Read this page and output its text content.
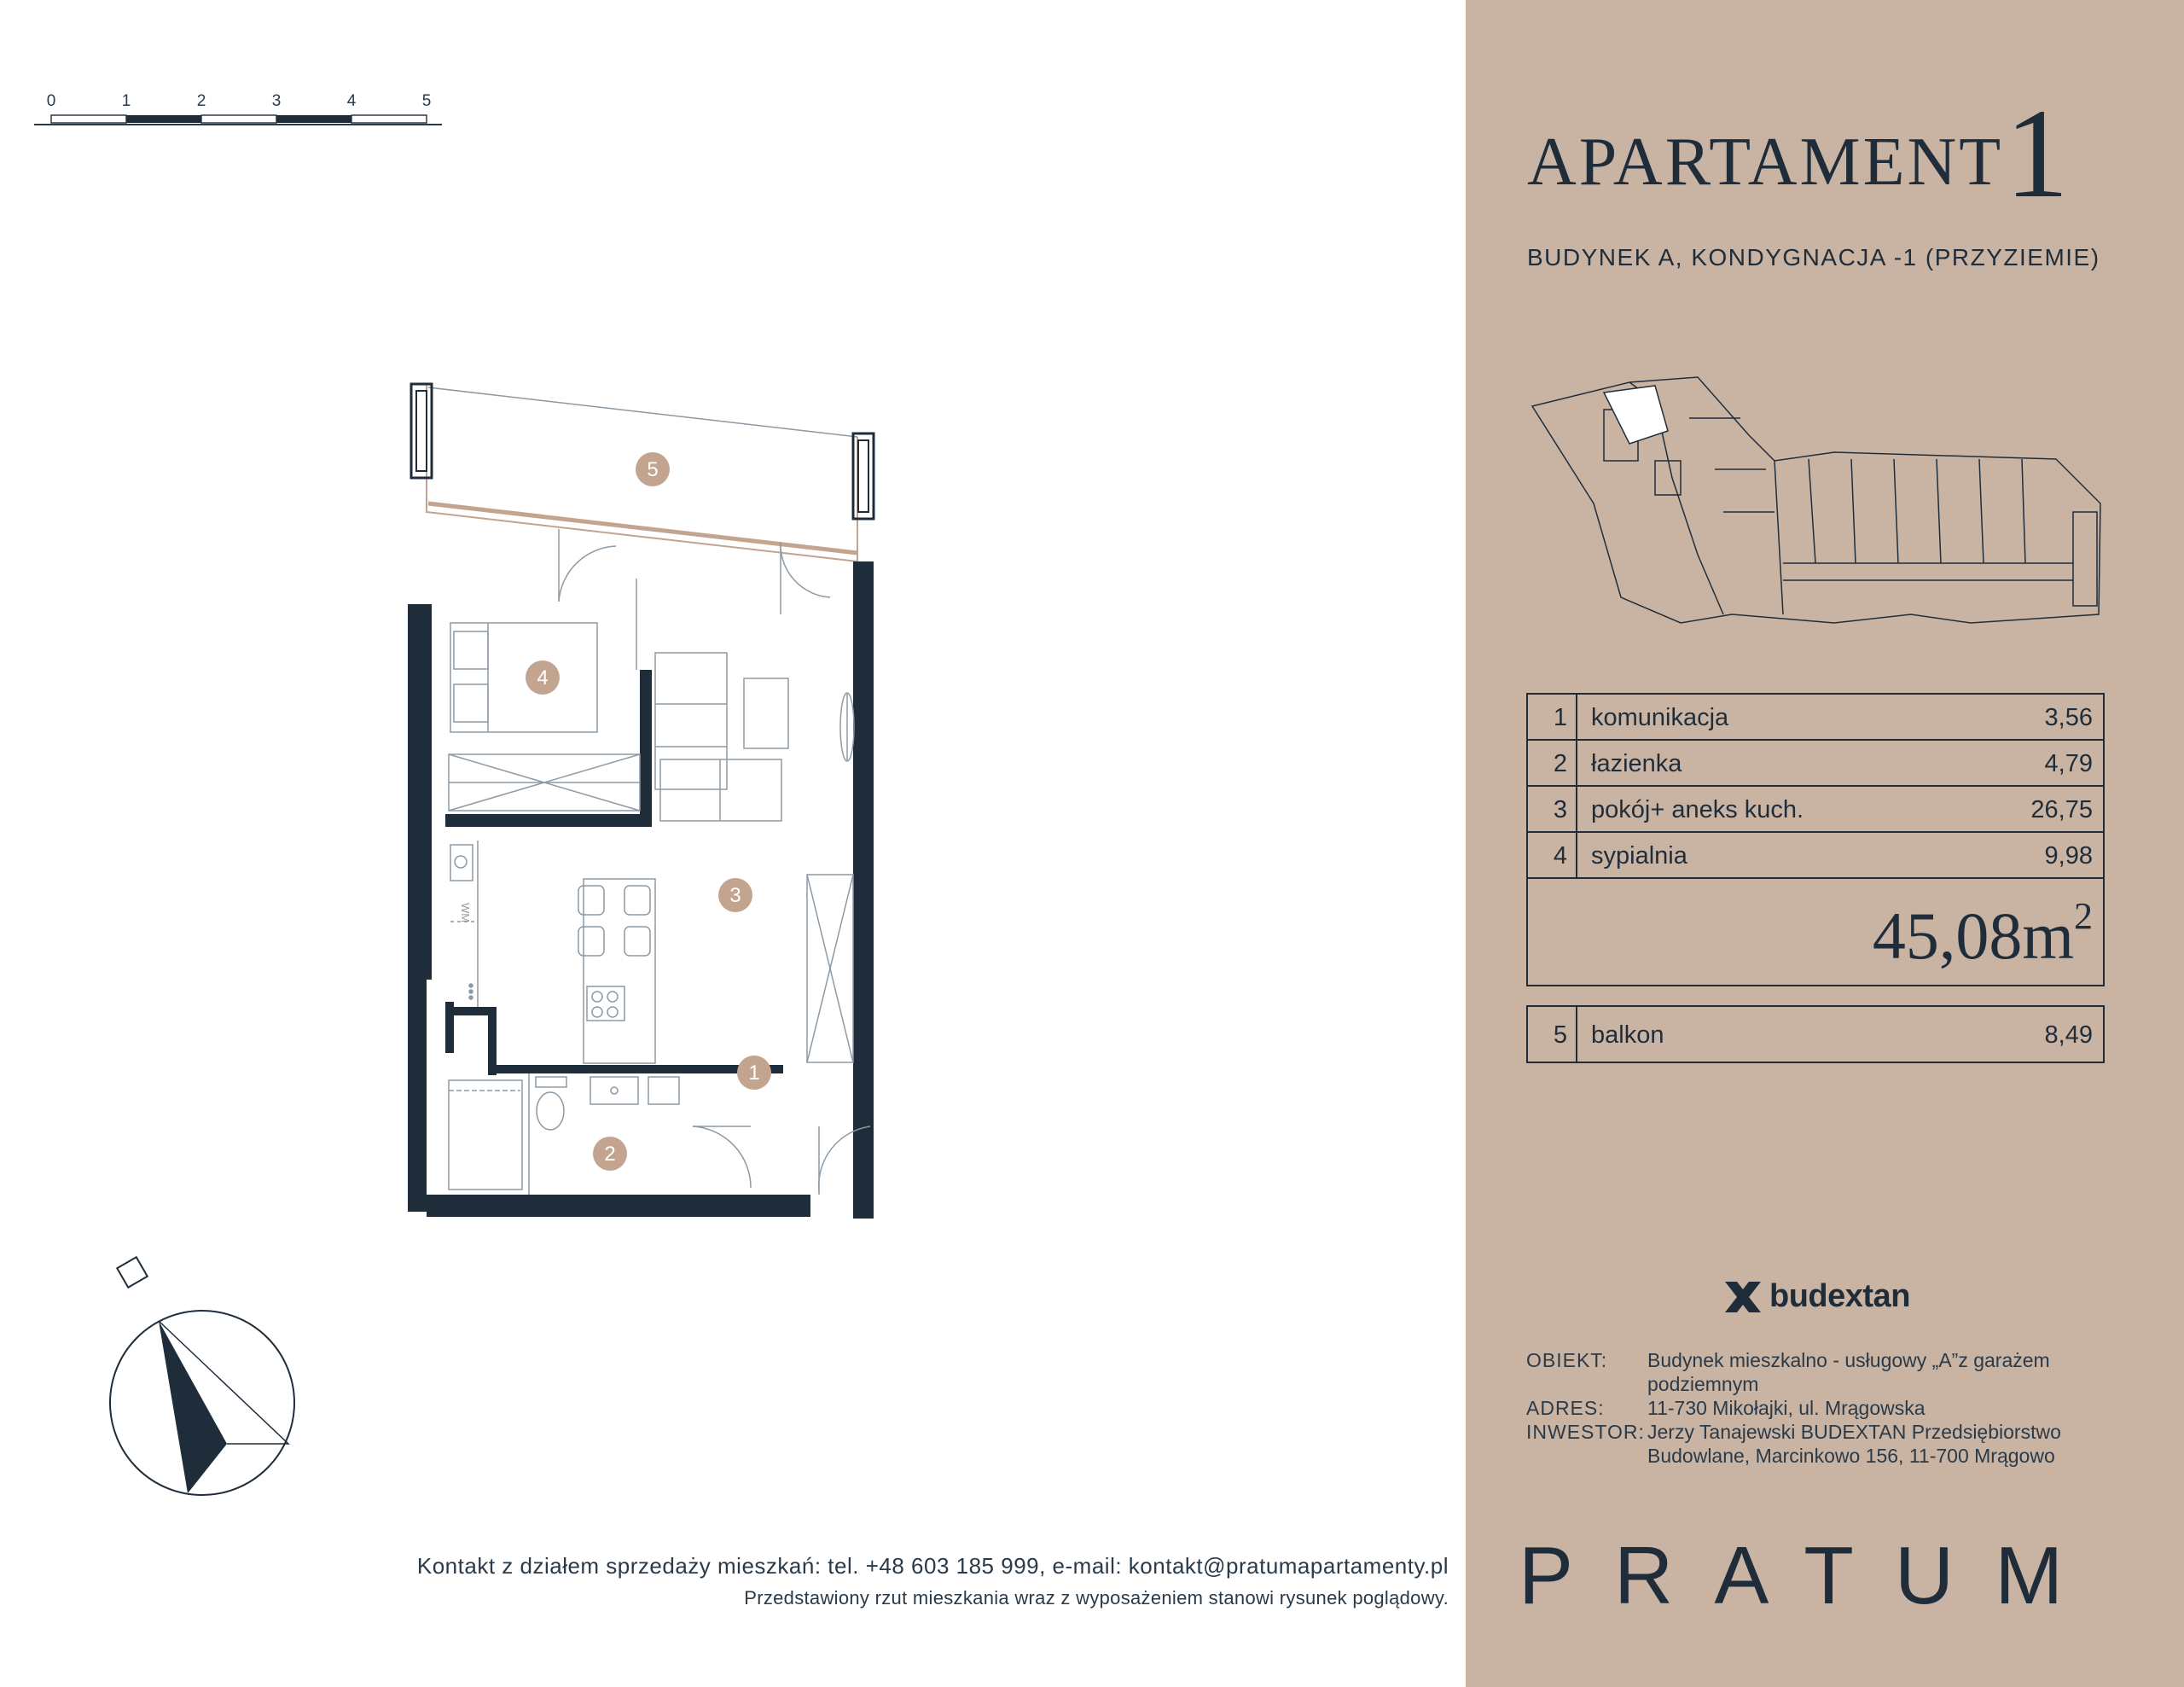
0	1	2	3	4	5
WM
5
4
3
1
2
APARTAMENT 1
BUDYNEK A, KONDYGNACJA -1 (PRZYZIEMIE)
1 komunikacja	3,56
2 łazienka	4,79
3 pokój+ aneks kuch.	26,75
4 sypialnia	9,98
$45,08m^2$
5 balkon	8,49
budextan
OBIEKT:	Budynek mieszkalno - usługowy „A”z garażem podziemnym
ADRES:	11-730 Mikołajki, ul. Mrągowska
INWESTOR: Jerzy Tanajewski BUDEXTAN Przedsiębiorstwo Budowlane, Marcinkowo 156, 11-700 Mrągowo
PRATUM
Kontakt z działem sprzedaży mieszkań: tel. +48 603 185 999, e-mail: kontakt@pratumapartamenty.pl
Przedstawiony rzut mieszkania wraz z wyposażeniem stanowi rysunek poglądowy.
